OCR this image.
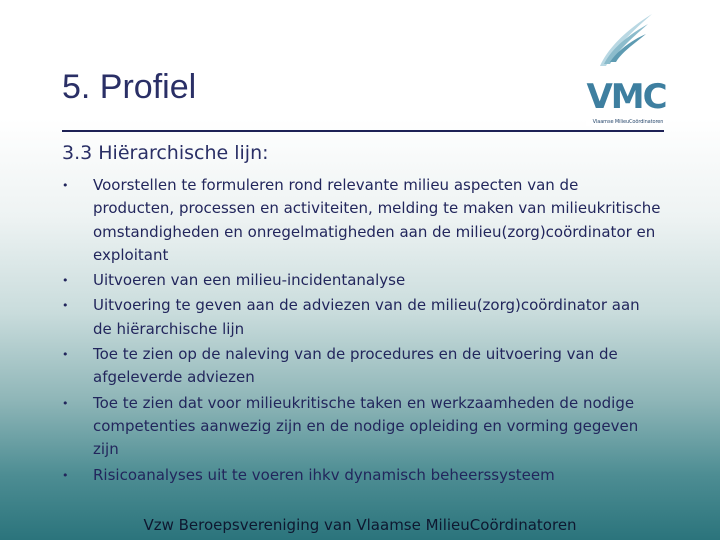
5. Profiel	VMC
Vlaamse MilieuCoördinatoren
3.3 Hiërarchische lijn:
• Voorstellen te formuleren rond relevante milieu aspecten van de producten, processen en activiteiten, melding te maken van milieukritische omstandigheden en onregelmatigheden aan de milieu(zorg)coördinator en exploitant
• Uitvoeren van een milieu-incidentanalyse
• Uitvoering te geven aan de adviezen van de milieu(zorg)coördinator aan de hiërarchische lijn
• Toe te zien op de naleving van de procedures en de uitvoering van de afgeleverde adviezen
• Toe te zien dat voor milieukritische taken en werkzaamheden de nodige competenties aanwezig zijn en de nodige opleiding en vorming gegeven zijn
• Risicoanalyses uit te voeren ihkv dynamisch beheerssysteem
Vzw Beroepsvereniging van Vlaamse MilieuCoördinatoren
